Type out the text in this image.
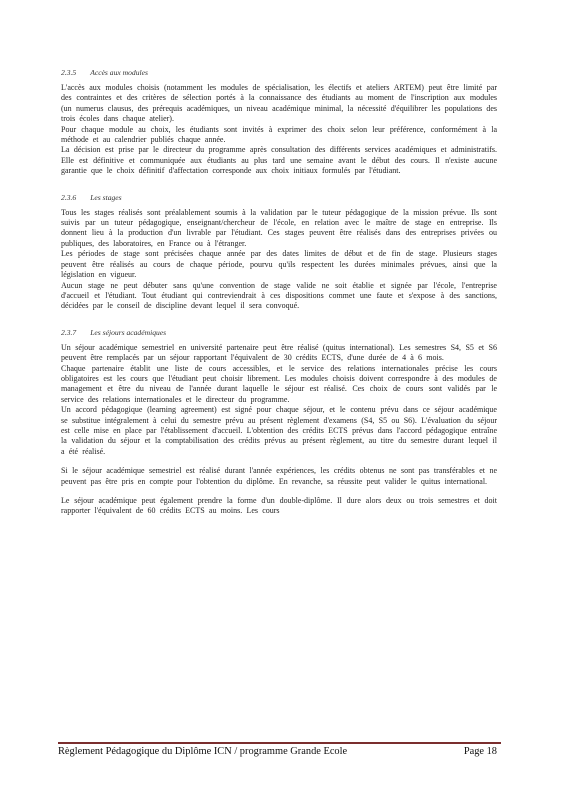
2.3.5 Accès aux modules

L'accès aux modules choisis (notamment les modules de spécialisation, les électifs et ateliers ARTEM) peut être limité par des contraintes et des critères de sélection portés à la connaissance des étudiants au moment de l'inscription aux modules (un numerus clausus, des prérequis académiques, un niveau académique minimal, la nécessité d'équilibrer les populations des trois écoles dans chaque atelier).

Pour chaque module au choix, les étudiants sont invités à exprimer des choix selon leur préférence, conformément à la méthode et au calendrier publiés chaque année.

La décision est prise par le directeur du programme après consultation des différents services académiques et administratifs. Elle est définitive et communiquée aux étudiants au plus tard une semaine avant le début des cours. Il n'existe aucune garantie que le choix définitif d'affectation corresponde aux choix initiaux formulés par l'étudiant.

2.3.6 Les stages

Tous les stages réalisés sont préalablement soumis à la validation par le tuteur pédagogique de la mission prévue. Ils sont suivis par un tuteur pédagogique, enseignant/chercheur de l'école, en relation avec le maître de stage en entreprise. Ils donnent lieu à la production d'un livrable par l'étudiant. Ces stages peuvent être réalisés dans des entreprises privées ou publiques, des laboratoires, en France ou à l'étranger.

Les périodes de stage sont précisées chaque année par des dates limites de début et de fin de stage. Plusieurs stages peuvent être réalisés au cours de chaque période, pourvu qu'ils respectent les durées minimales prévues, ainsi que la législation en vigueur.

Aucun stage ne peut débuter sans qu'une convention de stage valide ne soit établie et signée par l'école, l'entreprise d'accueil et l'étudiant. Tout étudiant qui contreviendrait à ces dispositions commet une faute et s'expose à des sanctions, décidées par le conseil de discipline devant lequel il sera convoqué.

2.3.7 Les séjours académiques

Un séjour académique semestriel en université partenaire peut être réalisé (quitus international). Les semestres S4, S5 et S6 peuvent être remplacés par un séjour rapportant l'équivalent de 30 crédits ECTS, d'une durée de 4 à 6 mois.

Chaque partenaire établit une liste de cours accessibles, et le service des relations internationales précise les cours obligatoires est les cours que l'étudiant peut choisir librement. Les modules choisis doivent correspondre à des modules de management et être du niveau de l'année durant laquelle le séjour est réalisé. Ces choix de cours sont validés par le service des relations internationales et le directeur du programme.

Un accord pédagogique (learning agreement) est signé pour chaque séjour, et le contenu prévu dans ce séjour académique se substitue intégralement à celui du semestre prévu au présent règlement d'examens (S4, S5 ou S6). L'évaluation du séjour est celle mise en place par l'établissement d'accueil. L'obtention des crédits ECTS prévus dans l'accord pédagogique entraîne la validation du séjour et la comptabilisation des crédits prévus au présent règlement, au titre du semestre durant lequel il a été réalisé.

Si le séjour académique semestriel est réalisé durant l'année expériences, les crédits obtenus ne sont pas transférables et ne peuvent pas être pris en compte pour l'obtention du diplôme. En revanche, sa réussite peut valider le quitus international.

Le séjour académique peut également prendre la forme d'un double-diplôme. Il dure alors deux ou trois semestres et doit rapporter l'équivalent de 60 crédits ECTS au moins. Les cours

Règlement Pédagogique du Diplôme ICN / programme Grande Ecole	Page 18
